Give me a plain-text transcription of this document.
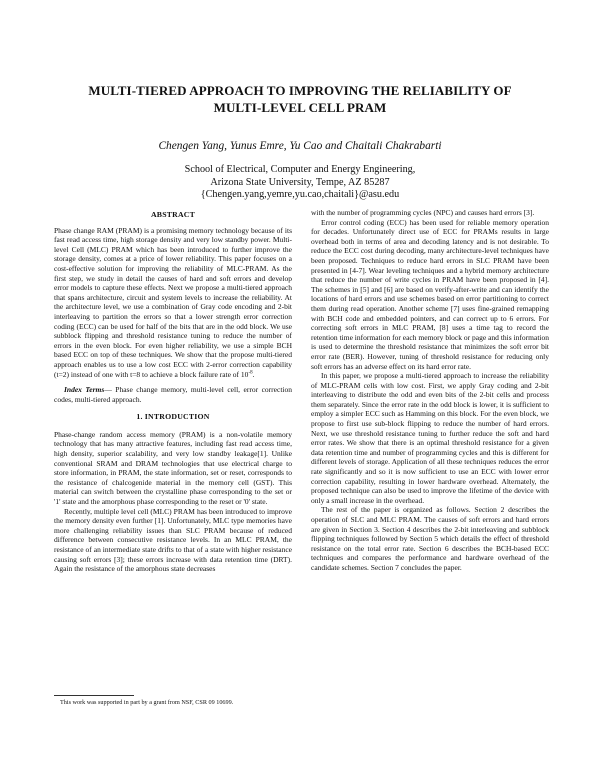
MULTI-TIERED APPROACH TO IMPROVING THE RELIABILITY OF
MULTI-LEVEL CELL PRAM
Chengen Yang, Yunus Emre, Yu Cao and Chaitali Chakrabarti
School of Electrical, Computer and Energy Engineering,
Arizona State University, Tempe, AZ 85287
{Chengen.yang,yemre,yu.cao,chaitali}@asu.edu
ABSTRACT

Phase change RAM (PRAM) is a promising memory technology because of its fast read access time, high storage density and very low standby power. Multi-level Cell (MLC) PRAM which has been introduced to further improve the storage density, comes at a price of lower reliability. This paper focuses on a cost-effective solution for improving the reliability of MLC-PRAM. As the first step, we study in detail the causes of hard and soft errors and develop error models to capture these effects. Next we propose a multi-tiered approach that spans architecture, circuit and system levels to increase the reliability. At the architecture level, we use a combination of Gray code encoding and 2-bit interleaving to partition the errors so that a lower strength error correction coding (ECC) can be used for half of the bits that are in the odd block. We use subblock flipping and threshold resistance tuning to reduce the number of errors in the even block. For even higher reliability, we use a simple BCH based ECC on top of these techniques. We show that the propose multi-tiered approach enables us to use a low cost ECC with 2-error correction capability (t=2) instead of one with t=8 to achieve a block failure rate of $10^{-8}$.

Index Terms— Phase change memory, multi-level cell, error correction codes, multi-tiered approach.

1. INTRODUCTION

Phase-change random access memory (PRAM) is a non-volatile memory technology that has many attractive features, including fast read access time, high density, superior scalability, and very low standby leakage[1]. Unlike conventional SRAM and DRAM technologies that use electrical charge to store information, in PRAM, the state information, set or reset, corresponds to the resistance of chalcogenide material in the memory cell (GST). This material can switch between the crystalline phase corresponding to the set or '1' state and the amorphous phase corresponding to the reset or '0' state.

Recently, multiple level cell (MLC) PRAM has been introduced to improve the memory density even further [1]. Unfortunately, MLC type memories have more challenging reliability issues than SLC PRAM because of reduced difference between consecutive resistance levels. In an MLC PRAM, the resistance of an intermediate state drifts to that of a state with higher resistance causing soft errors [3]; these errors increase with data retention time (DRT). Again the resistance of the amorphous state decreases

with the number of programming cycles (NPC) and causes hard errors [3].

Error control coding (ECC) has been used for reliable memory operation for decades. Unfortunately direct use of ECC for PRAMs results in large overhead both in terms of area and decoding latency and is not desirable. To reduce the ECC cost during decoding, many architecture-level techniques have been proposed. Techniques to reduce hard errors in SLC PRAM have been presented in [4-7]. Wear leveling techniques and a hybrid memory architecture that reduce the number of write cycles in PRAM have been proposed in [4]. The schemes in [5] and [6] are based on verify-after-write and can identify the locations of hard errors and use schemes based on error partitioning to correct them during read operation. Another scheme [7] uses fine-grained remapping with BCH code and embedded pointers, and can correct up to 6 errors. For correcting soft errors in MLC PRAM, [8] uses a time tag to record the retention time information for each memory block or page and this information is used to determine the threshold resistance that minimizes the soft error bit error rate (BER). However, tuning of threshold resistance for reducing only soft errors has an adverse effect on its hard error rate.

In this paper, we propose a multi-tiered approach to increase the reliability of MLC-PRAM cells with low cost. First, we apply Gray coding and 2-bit interleaving to distribute the odd and even bits of the 2-bit cells and process them separately. Since the error rate in the odd block is lower, it is sufficient to employ a simpler ECC such as Hamming on this block. For the even block, we propose to first use sub-block flipping to reduce the number of hard errors. Next, we use threshold resistance tuning to further reduce the soft and hard error rates. We show that there is an optimal threshold resistance for a given data retention time and number of programming cycles and this is different for different levels of storage. Application of all these techniques reduces the error rate significantly and so it is now sufficient to use an ECC with lower error correction capability, resulting in lower hardware overhead. Alternately, the proposed technique can also be used to improve the lifetime of the device with only a small increase in the overhead.

The rest of the paper is organized as follows. Section 2 describes the operation of SLC and MLC PRAM. The causes of soft errors and hard errors are given in Section 3. Section 4 describes the 2-bit interleaving and subblock flipping techniques followed by Section 5 which details the effect of threshold resistance on the total error rate. Section 6 describes the BCH-based ECC techniques and compares the performance and hardware overhead of the candidate schemes. Section 7 concludes the paper.

This work was supported in part by a grant from NSF, CSR 09 10699.
